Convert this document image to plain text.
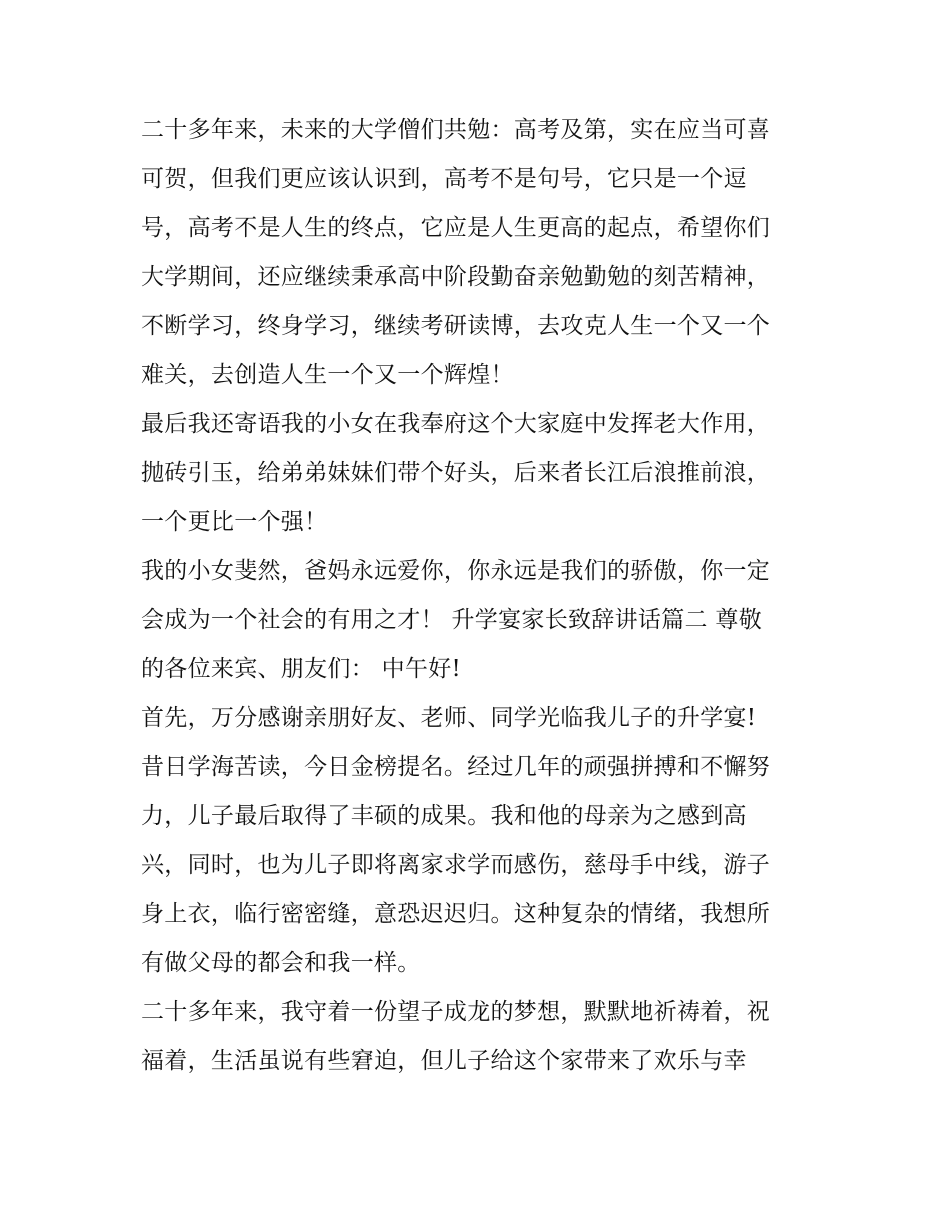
二十多年来，未来的大学僧们共勉：高考及第，实在应当可喜
可贺，但我们更应该认识到，高考不是句号，它只是一个逗
号，高考不是人生的终点，它应是人生更高的起点，希望你们
大学期间，还应继续秉承高中阶段勤奋亲勉勤勉的刻苦精神，
不断学习，终身学习，继续考研读博，去攻克人生一个又一个
难关，去创造人生一个又一个辉煌！
最后我还寄语我的小女在我奉府这个大家庭中发挥老大作用，
抛砖引玉，给弟弟妹妹们带个好头，后来者长江后浪推前浪，
一个更比一个强！
我的小女斐然，爸妈永远爱你，你永远是我们的骄傲，你一定
会成为一个社会的有用之才！ 升学宴家长致辞讲话篇二 尊敬
的各位来宾、朋友们： 中午好!
首先，万分感谢亲朋好友、老师、同学光临我儿子的升学宴!
昔日学海苦读，今日金榜提名。经过几年的顽强拼搏和不懈努
力，儿子最后取得了丰硕的成果。我和他的母亲为之感到高
兴，同时，也为儿子即将离家求学而感伤，慈母手中线，游子
身上衣，临行密密缝，意恐迟迟归。这种复杂的情绪，我想所
有做父母的都会和我一样。
二十多年来，我守着一份望子成龙的梦想，默默地祈祷着，祝
福着，生活虽说有些窘迫，但儿子给这个家带来了欢乐与幸
